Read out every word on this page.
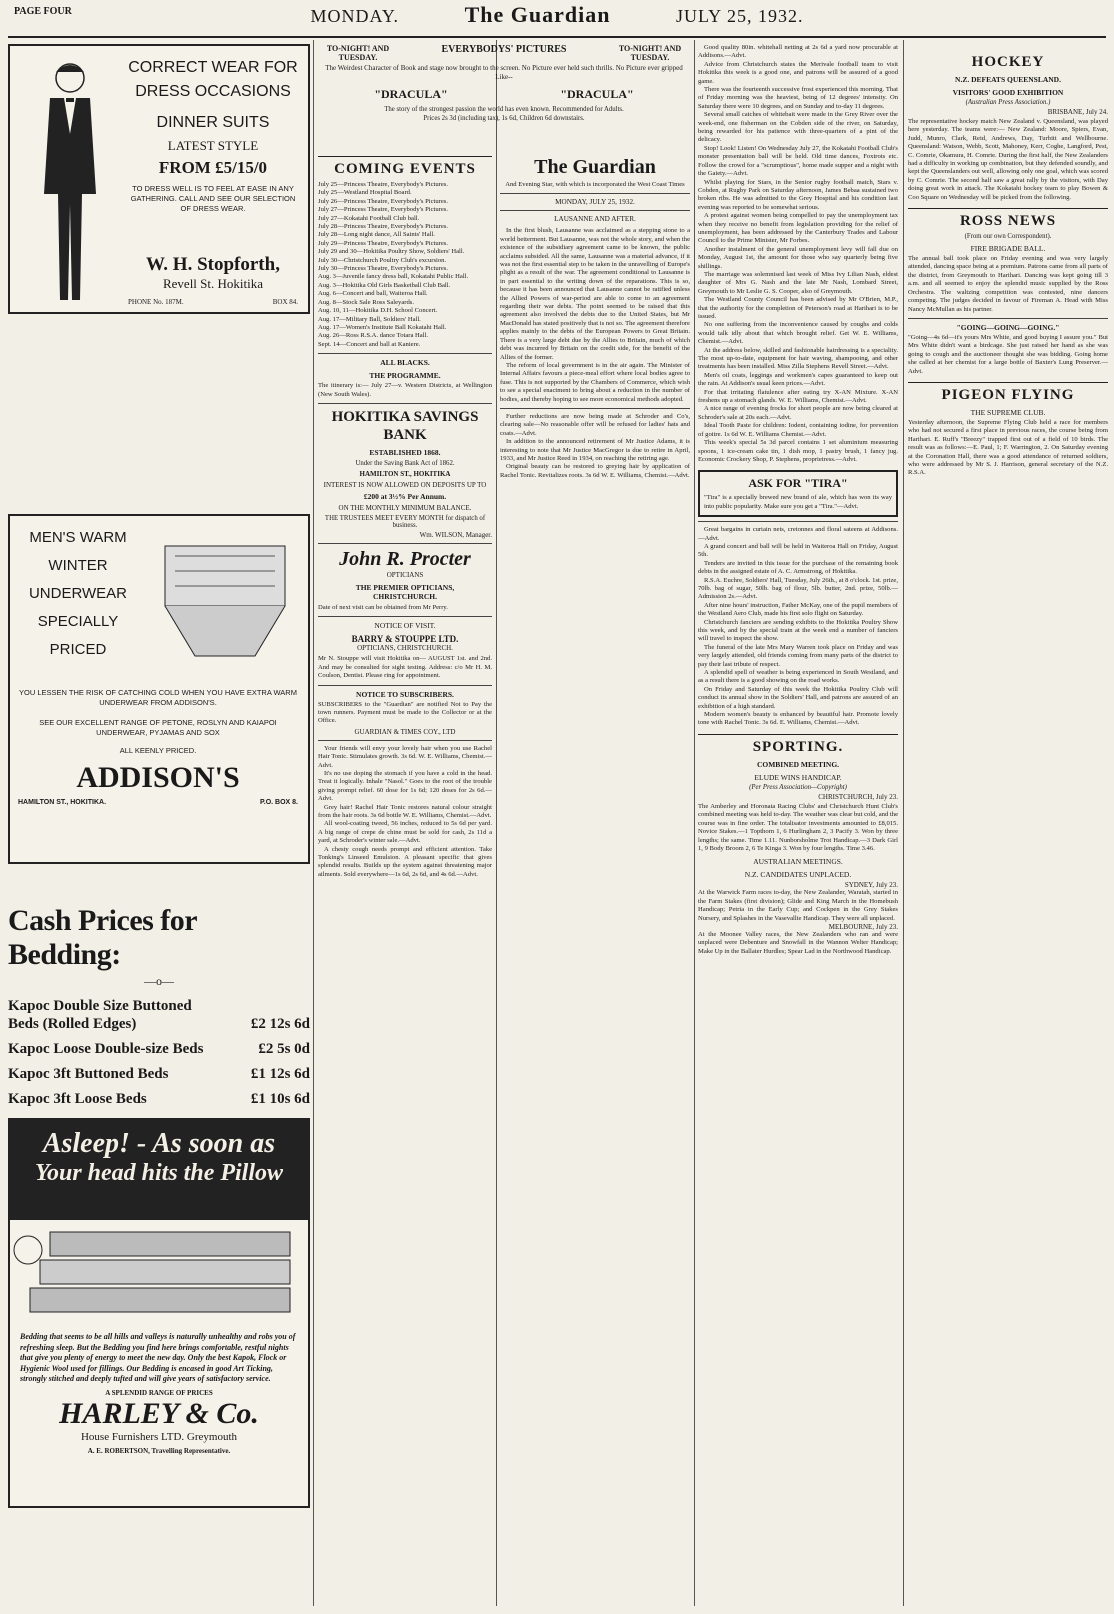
PAGE FOUR	MONDAY.	The Guardian	JULY 25, 1932.
CORRECT WEAR FOR DRESS OCCASIONS
DINNER SUITS
LATEST STYLE
FROM £5/15/0
TO DRESS WELL IS TO FEEL AT EASE IN ANY GATHERING. CALL AND SEE OUR SELECTION OF DRESS WEAR.
W. H. Stopforth,
Revell St. Hokitika
PHONE No. 187M.	BOX 84.
MEN'S WARM WINTER UNDERWEAR SPECIALLY PRICED
YOU LESSEN THE RISK OF CATCHING COLD WHEN YOU HAVE EXTRA WARM UNDERWEAR FROM ADDISON'S.
SEE OUR EXCELLENT RANGE OF PETONE, ROSLYN AND KAIAPOI UNDERWEAR, PYJAMAS AND SOX
ALL KEENLY PRICED.
ADDISON'S
HAMILTON ST., HOKITIKA.	P.O. BOX 8.
Cash Prices for Bedding:
—o—
Kapoc Double Size Buttoned Beds (Rolled Edges)	£2 12s 6d
Kapoc Loose Double-size Beds	£2 5s 0d
Kapoc 3ft Buttoned Beds	£1 12s 6d
Kapoc 3ft Loose Beds	£1 10s 6d
Asleep! - As soon as
Your head hits the Pillow
Bedding that seems to be all hills and valleys is naturally unhealthy and robs you of refreshing sleep. But the Bedding you find here brings comfortable, restful nights that give you plenty of energy to meet the new day. Only the best Kapok, Flock or Hygienic Wool used for fillings. Our Bedding is encased in good Art Ticking, strongly stitched and deeply tufted and will give years of satisfactory service.
A SPLENDID RANGE OF PRICES
HARLEY & Co.
House Furnishers LTD. Greymouth
A. E. ROBERTSON, Travelling Representative.
TO-NIGHT! AND TUESDAY.
EVERYBODYS' PICTURES	TO-NIGHT! AND TUESDAY.
The Weirdest Character of Book and stage now brought to the screen. No Picture ever held such thrills. No Picture ever gripped Like--
"DRACULA"	"DRACULA"
The story of the strongest passion the world has even known. Recommended for Adults.
Prices 2s 3d (including tax), 1s 6d, Children 6d downstairs.
COMING EVENTS

July 25—Princess Theatre, Everybody's Pictures.

July 25—Westland Hospital Board.

July 26—Princess Theatre, Everybody's Pictures.

July 27—Princess Theatre, Everybody's Pictures.

July 27—Kokatahi Football Club ball.

July 28—Princess Theatre, Everybody's Pictures.

July 28—Long night dance, All Saints' Hall.

July 29—Princess Theatre, Everybody's Pictures.

July 29 and 30—Hokitika Poultry Show, Soldiers' Hall.

July 30—Christchurch Poultry Club's excursion.

July 30—Princess Theatre, Everybody's Pictures.

Aug. 3—Juvenile fancy dress ball, Kokatahi Public Hall.

Aug. 3—Hokitika Old Girls Basketball Club Ball.

Aug. 6—Concert and ball, Waiteroa Hall.

Aug. 8—Stock Sale Ross Saleyards.

Aug. 10, 11—Hokitika D.H. School Concert.

Aug. 17—Military Ball, Soldiers' Hall.

Aug. 17—Women's Institute Ball Kokatahi Hall.

Aug. 26—Ross R.S.A. dance Totara Hall.

Sept. 14—Concert and ball at Kaniere.

ALL BLACKS.
THE PROGRAMME.
The itinerary is:— July 27—v. Western Districts, at Wellington (New South Wales).
HOKITIKA SAVINGS BANK
ESTABLISHED 1868.
Under the Saving Bank Act of 1862.
HAMILTON ST., HOKITIKA
INTEREST IS NOW ALLOWED ON DEPOSITS UP TO
£200 at 3½% Per Annum.
ON THE MONTHLY MINIMUM BALANCE.
THE TRUSTEES MEET EVERY MONTH for dispatch of business.
Wm. WILSON, Manager.
John R. Procter
OPTICIANS
THE PREMIER OPTICIANS,
CHRISTCHURCH.
Date of next visit can be obtained from Mr Perry.
NOTICE OF VISIT.
BARRY & STOUPPE LTD.
OPTICIANS, CHRISTCHURCH.
Mr N. Stouppe will visit Hokitika on— AUGUST 1st. and 2nd. And may be consulted for sight testing. Address: c/o Mr H. M. Coulson, Dentist. Please ring for appointment.
NOTICE TO SUBSCRIBERS.
SUBSCRIBERS to the "Guardian" are notified Not to Pay the town runners. Payment must be made to the Collector or at the Office.
GUARDIAN & TIMES COY., LTD

Your friends will envy your lovely hair when you use Rachel Hair Tonic. Stimulates growth. 3s 6d. W. E. Williams, Chemist.—Advt.

It's no use doping the stomach if you have a cold in the head. Treat it logically. Inhale "Nasol." Goes to the root of the trouble giving prompt relief. 60 dose for 1s 6d; 120 doses for 2s 6d.—Advt.

Grey hair! Rachel Hair Tonic restores natural colour straight from the hair roots. 3s 6d bottle W. E. Williams, Chemist.—Advt.

All wool-coating tweed, 56 inches, reduced to 5s 6d per yard. A big range of crepe de chine must be sold for cash, 2s 11d a yard, at Schroder's winter sale.—Advt.

A chesty cough needs prompt and efficient attention. Take Tonking's Linseed Emulsion. A pleasant specific that gives splendid results. Builds up the system against threatening major ailments. Sold everywhere—1s 6d, 2s 6d, and 4s 6d.—Advt.

The Guardian
And Evening Star, with which is incorporated the West Coast Times
MONDAY, JULY 25, 1932.
LAUSANNE AND AFTER.

In the first blush, Lausanne was acclaimed as a stepping stone to a world betterment. But Lausanne, was not the whole story, and when the existence of the subsidiary agreement came to be known, the public acclaims subsided. All the same, Lausanne was a material advance, if it was not the first essential step to be taken in the unravelling of Europe's plight as a result of the war. The agreement conditional to Lausanne is in part essential to the writing down of the reparations. This is so, because it has been announced that Lausanne cannot be ratified unless the Allied Powers of war-period are able to come to an agreement regarding their war debts. The point seemed to be raised that this agreement also involved the debts due to the United States, but Mr MacDonald has stated positively that is not so. The agreement therefore applies mainly to the debts of the European Powers to Great Britain. There is a very large debt due by the Allies to Britain, much of which debt was incurred by Britain on the credit side, for the benefit of the Allies of the former.

The reform of local government is in the air again. The Minister of Internal Affairs favours a piece-meal effort where local bodies agree to fuse. This is not supported by the Chambers of Commerce, which wish to see a special enactment to bring about a reduction in the number of bodies, and thereby hoping to see more economical methods adopted.

Further reductions are now being made at Schroder and Co's, clearing sale—No reasonable offer will be refused for ladies' hats and coats.—Advt.

In addition to the announced retirement of Mr Justice Adams, it is interesting to note that Mr Justice MacGregor is due to retire in April, 1933, and Mr Justice Reed in 1934, on reaching the retiring age.

Original beauty can be restored to greying hair by application of Rachel Tonic. Revitalizes roots. 3s 6d W. E. Williams, Chemist.—Advt.

Good quality 80in. whitehall netting at 2s 6d a yard now procurable at Addisons.—Advt.

Advice from Christchurch states the Merivale football team to visit Hokitika this week is a good one, and patrons will be assured of a good game.

There was the fourteenth successive frost experienced this morning. That of Friday morning was the heaviest, being of 12 degrees' intensity. On Saturday there were 10 degrees, and on Sunday and to-day 11 degrees.

Several small catches of whitebait were made in the Grey River over the week-end, one fisherman on the Cobden side of the river, on Saturday, being rewarded for his patience with three-quarters of a pint of the delicacy.

Stop! Look! Listen! On Wednesday July 27, the Kokatahi Football Club's monster presentation ball will be held. Old time dances, Foxtrots etc. Follow the crowd for a "scrumptious", home made supper and a night with the Gaiety.—Advt.

Whilst playing for Stars, in the Senior rugby football match, Stars v. Cobden, at Rugby Park on Saturday afternoon, James Bebaa sustained two broken ribs. He was admitted to the Grey Hospital and his condition last evening was reported to be somewhat serious.

A protest against women being compelled to pay the unemployment tax when they receive no benefit from legislation providing for the relief of unemployment, has been addressed by the Canterbury Trades and Labour Council to the Prime Minister, Mr Forbes.

Another instalment of the general unemployment levy will fall due on Monday, August 1st, the amount for those who say quarterly being five shillings.

The marriage was solemnised last week of Miss Ivy Lilian Nash, eldest daughter of Mrs G. Nash and the late Mr Nash, Lombard Street, Greymouth to Mr Leslie G. S. Cooper, also of Greymouth.

The Westland County Council has been advised by Mr O'Brien, M.P., that the authority for the completion of Peterson's road at Harihari is to be issued.

No one suffering from the inconvenience caused by coughs and colds would talk idly about that which brought relief. Get W. E. Williams, Chemist.—Advt.

At the address below, skilled and fashionable hairdressing is a speciality. The most up-to-date, equipment for hair waving, shampooing, and other treatments has been installed. Miss Zilla Stephens Revell Street.—Advt.

Men's oil coats, leggings and workmen's capes guaranteed to keep out the rain. At Addison's usual keen prices.—Advt.

For that irritating flatulence after eating try X-AN Mixture. X-AN freshens up a stomach glands. W. E. Williams, Chemist.—Advt.

A nice range of evening frocks for short people are now being cleared at Schroder's sale at 20s each.—Advt.

Ideal Tooth Paste for children: Iodent, containing iodine, for prevention of goitre. 1s 6d W. E. Williams Chemist.—Advt.

This week's special 5s 3d parcel contains 1 set aluminium measuring spoons, 1 ice-cream cake tin, 1 dish mop, 1 pastry brush, 1 fancy jug. Economic Crockery Shop, P. Stephens, proprietress.—Advt.

ASK FOR "TIRA"
"Tira" is a specially brewed new brand of ale, which has won its way into public popularity. Make sure you get a "Tira."—Advt.

Great bargains in curtain nets, cretonnes and floral sateens at Addisons.—Advt.

A grand concert and ball will be held in Waiteroa Hall on Friday, August 5th.

Tenders are invited in this issue for the purchase of the remaining book debts in the assigned estate of A. C. Armstrong, of Hokitika.

R.S.A. Euchre, Soldiers' Hall, Tuesday, July 26th., at 8 o'clock. 1st. prize, 70lb. bag of sugar, 50lb. bag of flour, 5lb. butter, 2nd. prize, 50lb.—Admission 2s.—Advt.

After nine hours' instruction, Father McKay, one of the pupil members of the Westland Aero Club, made his first solo flight on Saturday.

Christchurch fanciers are sending exhibits to the Hokitika Poultry Show this week, and by the special train at the week end a number of fanciers will travel to inspect the show.

The funeral of the late Mrs Mary Warren took place on Friday and was very largely attended, old friends coming from many parts of the district to pay their last tribute of respect.

A splendid spell of weather is being experienced in South Westland, and as a result there is a good showing on the road works.

On Friday and Saturday of this week the Hokitika Poultry Club will conduct its annual show in the Soldiers' Hall, and patrons are assured of an exhibition of a high standard.

Modern women's beauty is enhanced by beautiful hair. Promote lovely tone with Rachel Tonic. 3s 6d. E. Williams, Chemist.—Advt.

SPORTING.
COMBINED MEETING.
ELUDE WINS HANDICAP.
(Per Press Association—Copyright)
CHRISTCHURCH, July 23.
The Amberley and Horonata Racing Clubs' and Christchurch Hunt Club's combined meeting was held to-day. The weather was clear but cold, and the course was in fine order. The totalisator investments amounted to £8,015. Novice Stakes.—1 Topthorn 1, 6 Hurlingham 2, 3 Pacify 3. Won by three lengths; the same. Time 1.11. Nunborsholme Trot Handicap.—3 Dark Girl 1, 9 Body Broom 2, 6 Te Kinga 3. Won by four lengths. Time 3.46.
AUSTRALIAN MEETINGS.
N.Z. CANDIDATES UNPLACED.
SYDNEY, July 23.
At the Warwick Farm races to-day, the New Zealander, Waratah, started in the Farm Stakes (first division); Glide and King March in the Homebush Handicap; Petria in the Early Cup; and Cockpen in the Grey Stakes Nursery, and Splashes in the Vasevallie Handicap. They were all unplaced.
MELBOURNE, July 23.
At the Moonee Valley races, the New Zealanders who ran and were unplaced were Debenture and Snowfall in the Wannon Welter Handicap; Make Up in the Ballater Hurdles; Spear Lad in the Northwood Handicap.
HOCKEY
N.Z. DEFEATS QUEENSLAND.
VISITORS' GOOD EXHIBITION
(Australian Press Association.)
BRISBANE, July 24.
The representative hockey match New Zealand v. Queensland, was played here yesterday. The teams were:— New Zealand: Moore, Spiers, Evan, Judd, Munro, Clark, Reid, Andrews, Day, Turbitt and Wellbourne. Queensland: Watson, Webb, Scott, Mahoney, Kerr, Coghe, Langford, Pest, C. Comrie, Okamura, H. Comrie. During the first half, the New Zealanders had a difficulty in working up combination, but they defended soundly, and kept the Queenslanders out well, allowing only one goal, which was scored by C. Comrie. The second half saw a great rally by the visitors, with Day doing great work in attack. The Kokatahi hockey team to play Bowen & Coo Square on Wednesday will be picked from the following.
ROSS NEWS
(From our own Correspondent).
FIRE BRIGADE BALL.
The annual ball took place on Friday evening and was very largely attended, dancing space being at a premium. Patrons came from all parts of the district, from Greymouth to Harihari. Dancing was kept going till 3 a.m. and all seemed to enjoy the splendid music supplied by the Ross Orchestra. The waltzing competition was contested, nine dancers competing. The judges decided in favour of Fireman A. Head with Miss Nancy McMullan as his partner.
"GOING—GOING—GOING."
"Going—4s 6d—it's yours Mrs White, and good buying I assure you." But Mrs White didn't want a birdcage. She just raised her hand as she was going to cough and the auctioneer thought she was bidding. Going home she called at her chemist for a large bottle of Baxter's Lung Preserver.—Advt.
PIGEON FLYING
THE SUPREME CLUB.
Yesterday afternoon, the Supreme Flying Club held a race for members who had not secured a first place in previous races, the course being from Harihari. E. Ruff's "Breezy" trapped first out of a field of 10 birds. The result was as follows:—E. Paul, 1; F. Warrington, 2. On Saturday evening at the Coronation Hall, there was a good attendance of returned soldiers, who were addressed by Mr S. J. Harrison, general secretary of the N.Z. R.S.A.
